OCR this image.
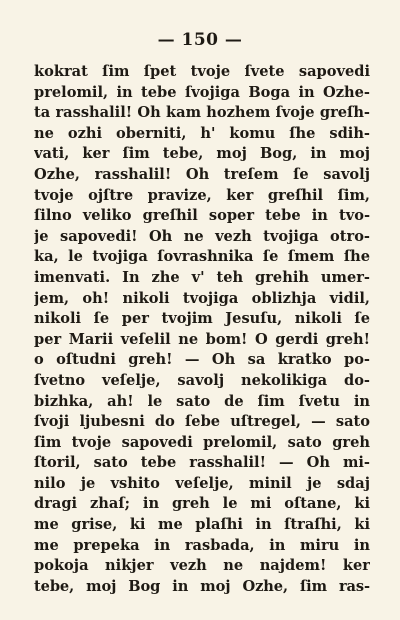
— 150 —
kokrat ſim ſpet tvoje ſvete sapovedi
prelomil, in tebe ſvojiga Boga in Ozhe-
ta rasshalil! Oh kam hozhem ſvoje greſh-
ne ozhi oberniti, h' komu ſhe sdih-
vati, ker ſim tebe, moj Bog, in moj
Ozhe, rasshalil! Oh treſem ſe savolj
tvoje ojſtre pravize, ker greſhil ſim,
ſilno veliko greſhil soper tebe in tvo-
je sapovedi! Oh ne vezh tvojiga otro-
ka, le tvojiga ſovrashnika ſe ſmem ſhe
imenvati. In zhe v' teh grehih umer-
jem, oh! nikoli tvojiga oblizhja vidil,
nikoli ſe per tvojim Jesuſu, nikoli ſe
per Marii veſelil ne bom! O gerdi greh!
o oſtudni greh! — Oh sa kratko po-
ſvetno veſelje, savolj nekolikiga do-
bizhka, ah! le sato de ſim ſvetu in
ſvoji ljubesni do ſebe uſtregel, — sato
ſim tvoje sapovedi prelomil, sato greh
ſtoril, sato tebe rasshalil! — Oh mi-
nilo je vshito veſelje, minil je sdaj
dragi zhaſ; in greh le mi oſtane, ki
me grise, ki me plaſhi in ſtraſhi, ki
me prepeka in rasbada, in miru in
pokoja nikjer vezh ne najdem! ker
tebe, moj Bog in moj Ozhe, ſim ras-
